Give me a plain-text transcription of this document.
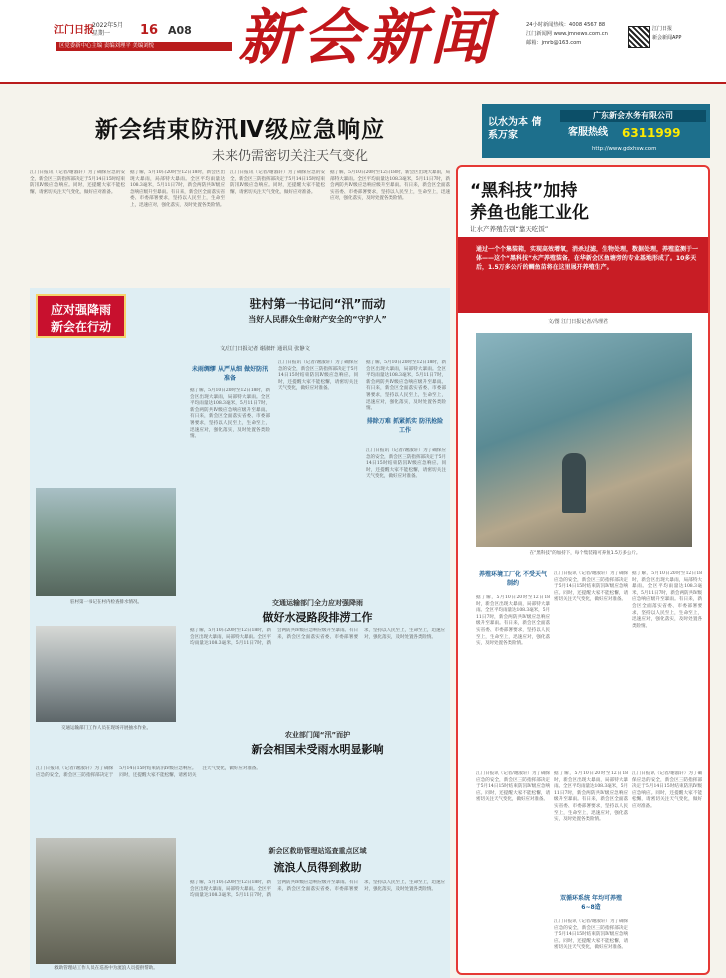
江门日报
2022年5月 星期一	16 A08
区党委新中心主编 责编刘理平 美编刘悦	新会新闻	24小时新闻热线：4008 4567 88
江门新闻网 www.jmnews.com.cn
邮箱：jmrb@163.com
江门日报
新会新闻APP
新会结束防汛Ⅳ级应急响应
未来仍需密切关注天气变化
江门日报讯（记者/谢淑轩）为了确保应急的安全，新会区三防指挥部决定于5月14日15时结束防汛Ⅳ级应急响应。同时，还提醒大家不能松懈，请密切关注天气变化，做好应对准备。
据了解，5月10日20时至12日18时，新会区出现大暴雨，局部特大暴雨。全区平均雨量达108.3毫米，5月11日7时，新会两防共Ⅳ级应急响应级升至暴雨。有日来，新会区全面落实省委、市委部署要求，坚持以人民至上，生命至上，迅速应对，强化落实，及时处置各类险情。
江门日报讯（记者/谢淑轩）为了确保应急的安全，新会区三防指挥部决定于5月14日15时结束防汛Ⅳ级应急响应。同时，还提醒大家不能松懈，请密切关注天气变化，做好应对准备。
据了解，5月10日20时至12日18时，新会区出现大暴雨，局部特大暴雨。全区平均雨量达108.3毫米，5月11日7时，新会两防共Ⅳ级应急响应级升至暴雨。有日来，新会区全面落实省委、市委部署要求，坚持以人民至上，生命至上，迅速应对，强化落实，及时处置各类险情。
以水为本 倩系万家
广东新会水务有限公司
客服热线 6311999
http://www.gdxhsw.com
应对强降雨
新会在行动
驻村第一书记在村内检查排水情况。
驻村第一书记问“汛”而动
当好人民群众生命财产安全的“守护人”
文/江门日报记者 谢淑轩 通讯员 张静文
未雨绸缪 从严从细 做好防汛准备
据了解，5月10日20时至12日18时，新会区出现大暴雨，局部特大暴雨。全区平均雨量达108.3毫米，5月11日7时，新会两防共Ⅳ级应急响应级升至暴雨。有日来，新会区全面落实省委、市委部署要求，坚持以人民至上，生命至上，迅速应对，强化落实，及时处置各类险情。
江门日报讯（记者/谢淑轩）为了确保应急的安全，新会区三防指挥部决定于5月14日15时结束防汛Ⅳ级应急响应。同时，还提醒大家不能松懈，请密切关注天气变化，做好应对准备。
排除万难 抓紧抓实 防汛抢险工作
据了解，5月10日20时至12日18时，新会区出现大暴雨，局部特大暴雨。全区平均雨量达108.3毫米，5月11日7时，新会两防共Ⅳ级应急响应级升至暴雨。有日来，新会区全面落实省委、市委部署要求，坚持以人民至上，生命至上，迅速应对，强化落实，及时处置各类险情。
江门日报讯（记者/谢淑轩）为了确保应急的安全，新会区三防指挥部决定于5月14日15时结束防汛Ⅳ级应急响应。同时，还提醒大家不能松懈，请密切关注天气变化，做好应对准备。
交通运输部门工作人员在现场开展抽水作业。
交通运输部门全力应对强降雨
做好水浸路段排涝工作
据了解，5月10日20时至12日18时，新会区出现大暴雨，局部特大暴雨。全区平均雨量达108.3毫米，5月11日7时，新会两防共Ⅳ级应急响应级升至暴雨。有日来，新会区全面落实省委、市委部署要求，坚持以人民至上，生命至上，迅速应对，强化落实，及时处置各类险情。
农业部门闻“汛”而护
新会相国未受雨水明显影响
江门日报讯（记者/谢淑轩）为了确保应急的安全，新会区三防指挥部决定于5月14日15时结束防汛Ⅳ级应急响应。同时，还提醒大家不能松懈，请密切关注天气变化，做好应对准备。
救助管理站工作人员在巡查中为流浪人员提供帮助。
新会区救助管理站巡查重点区域
流浪人员得到救助
据了解，5月10日20时至12日18时，新会区出现大暴雨，局部特大暴雨。全区平均雨量达108.3毫米，5月11日7时，新会两防共Ⅳ级应急响应级升至暴雨。有日来，新会区全面落实省委、市委部署要求，坚持以人民至上，生命至上，迅速应对，强化落实，及时处置各类险情。
“黑科技”加持
养鱼也能工业化
让水产养殖告别“靠天吃饭”
通过一个个集装箱，实现高效增氧，消杀过滤，生物处理，数据处理，养殖监测于一体——这个“黑科技”水产养殖装备，在华新会区鱼塘旁的专业基地形成了。10多天后，1.5万多公斤的鲷鱼苗将在这里展开养殖生产。
文/图 江门日报记者/冯理君
在“黑科技”的加持下，每个集装箱可养鱼1.5万多公斤。
养殖环境工厂化 不受天气制约
据了解，5月10日20时至12日18时，新会区出现大暴雨，局部特大暴雨。全区平均雨量达108.3毫米，5月11日7时，新会两防共Ⅳ级应急响应级升至暴雨。有日来，新会区全面落实省委、市委部署要求，坚持以人民至上，生命至上，迅速应对，强化落实，及时处置各类险情。
江门日报讯（记者/谢淑轩）为了确保应急的安全，新会区三防指挥部决定于5月14日15时结束防汛Ⅳ级应急响应。同时，还提醒大家不能松懈，请密切关注天气变化，做好应对准备。
据了解，5月10日20时至12日18时，新会区出现大暴雨，局部特大暴雨。全区平均雨量达108.3毫米，5月11日7时，新会两防共Ⅳ级应急响应级升至暴雨。有日来，新会区全面落实省委、市委部署要求，坚持以人民至上，生命至上，迅速应对，强化落实，及时处置各类险情。
江门日报讯（记者/谢淑轩）为了确保应急的安全，新会区三防指挥部决定于5月14日15时结束防汛Ⅳ级应急响应。同时，还提醒大家不能松懈，请密切关注天气变化，做好应对准备。
据了解，5月10日20时至12日18时，新会区出现大暴雨，局部特大暴雨。全区平均雨量达108.3毫米，5月11日7时，新会两防共Ⅳ级应急响应级升至暴雨。有日来，新会区全面落实省委、市委部署要求，坚持以人民至上，生命至上，迅速应对，强化落实，及时处置各类险情。
双循环系统 年均可养殖6~8造
江门日报讯（记者/谢淑轩）为了确保应急的安全，新会区三防指挥部决定于5月14日15时结束防汛Ⅳ级应急响应。同时，还提醒大家不能松懈，请密切关注天气变化，做好应对准备。
江门日报讯（记者/谢淑轩）为了确保应急的安全，新会区三防指挥部决定于5月14日15时结束防汛Ⅳ级应急响应。同时，还提醒大家不能松懈，请密切关注天气变化，做好应对准备。
